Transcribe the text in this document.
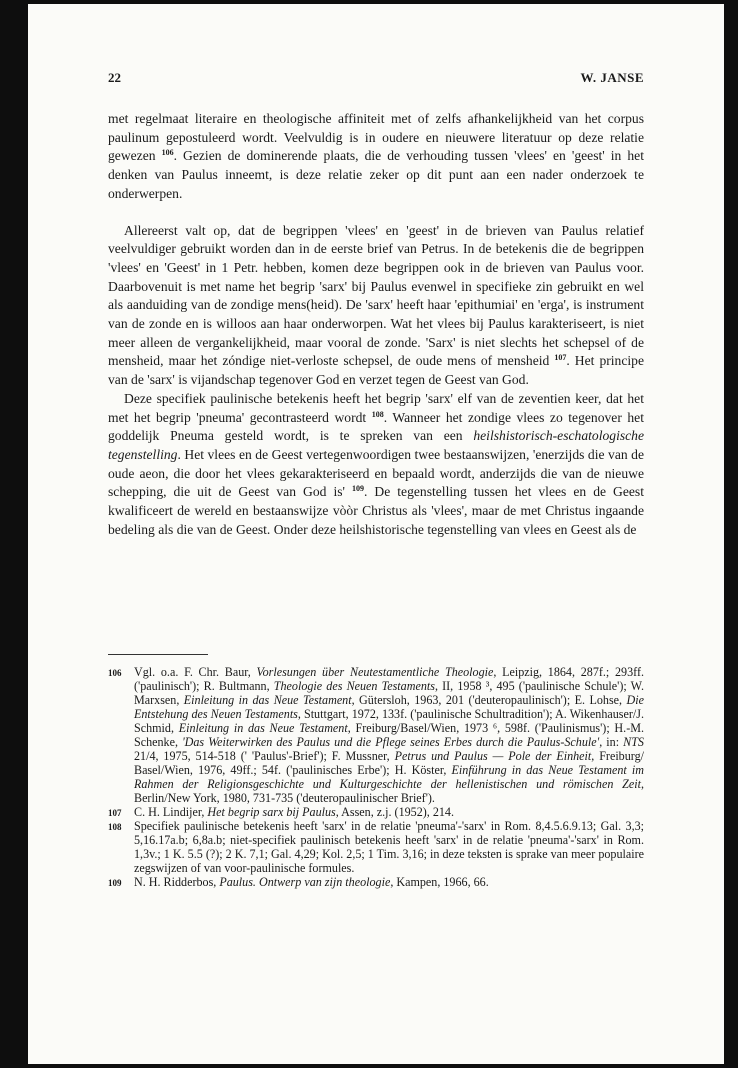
22	W. JANSE

met regelmaat literaire en theologische affiniteit met of zelfs afhankelijkheid van het corpus paulinum gepostuleerd wordt. Veelvuldig is in oudere en nieuwere literatuur op deze relatie gewezen $^{106}$. Gezien de dominerende plaats, die de verhouding tussen 'vlees' en 'geest' in het denken van Paulus inneemt, is deze relatie zeker op dit punt aan een nader onderzoek te onderwerpen.

Allereerst valt op, dat de begrippen 'vlees' en 'geest' in de brieven van Paulus relatief veelvuldiger gebruikt worden dan in de eerste brief van Petrus. In de betekenis die de begrippen 'vlees' en 'Geest' in 1 Petr. hebben, komen deze begrippen ook in de brieven van Paulus voor. Daarbovenuit is met name het begrip 'sarx' bij Paulus evenwel in specifieke zin gebruikt en wel als aanduiding van de zondige mens(heid). De 'sarx' heeft haar 'epithumiai' en 'erga', is instrument van de zonde en is willoos aan haar onderworpen. Wat het vlees bij Paulus karakteriseert, is niet meer alleen de vergankelijkheid, maar vooral de zonde. 'Sarx' is niet slechts het schepsel of de mensheid, maar het zóndige niet-verloste schepsel, de oude mens of mensheid $^{107}$. Het principe van de 'sarx' is vijandschap tegenover God en verzet tegen de Geest van God.

Deze specifiek paulinische betekenis heeft het begrip 'sarx' elf van de zeventien keer, dat het met het begrip 'pneuma' gecontrasteerd wordt $^{108}$. Wanneer het zondige vlees zo tegenover het goddelijk Pneuma gesteld wordt, is te spreken van een heilshistorisch-eschatologische tegenstelling. Het vlees en de Geest vertegenwoordigen twee bestaanswijzen, 'enerzijds die van de oude aeon, die door het vlees gekarakteriseerd en bepaald wordt, anderzijds die van de nieuwe schepping, die uit de Geest van God is' $^{109}$. De tegenstelling tussen het vlees en de Geest kwalificeert de wereld en bestaanswijze vòòr Christus als 'vlees', maar de met Christus ingaande bedeling als die van de Geest. Onder deze heilshistorische tegenstelling van vlees en Geest als de

106	Vgl. o.a. F. Chr. Baur, Vorlesungen über Neutestamentliche Theologie, Leipzig, 1864, 287f.; 293ff. ('paulinisch'); R. Bultmann, Theologie des Neuen Testaments, II, 1958 ³, 495 ('paulinische Schule'); W. Marxsen, Einleitung in das Neue Testament, Gütersloh, 1963, 201 ('deuteropaulinisch'); E. Lohse, Die Entstehung des Neuen Testaments, Stuttgart, 1972, 133f. ('paulinische Schultradition'); A. Wikenhauser/J. Schmid, Einleitung in das Neue Testament, Freiburg/Basel/Wien, 1973 ⁶, 598f. ('Paulinismus'); H.-M. Schenke, 'Das Weiterwirken des Paulus und die Pflege seines Erbes durch die Paulus-Schule', in: NTS 21/4, 1975, 514-518 (' 'Paulus'-Brief'); F. Mussner, Petrus und Paulus — Pole der Einheit, Freiburg/ Basel/Wien, 1976, 49ff.; 54f. ('paulinisches Erbe'); H. Köster, Einführung in das Neue Testament im Rahmen der Religionsgeschichte und Kulturgeschichte der hellenistischen und römischen Zeit, Berlin/New York, 1980, 731-735 ('deuteropaulinischer Brief').
107	C. H. Lindijer, Het begrip sarx bij Paulus, Assen, z.j. (1952), 214.
108	Specifiek paulinische betekenis heeft 'sarx' in de relatie 'pneuma'-'sarx' in Rom. 8,4.5.6.9.13; Gal. 3,3; 5,16.17a.b; 6,8a.b; niet-specifiek paulinisch betekenis heeft 'sarx' in de relatie 'pneuma'-'sarx' in Rom. 1,3v.; 1 K. 5.5 (?); 2 K. 7,1; Gal. 4,29; Kol. 2,5; 1 Tim. 3,16; in deze teksten is sprake van meer populaire zegswijzen of van voor-paulinische formules.
109	N. H. Ridderbos, Paulus. Ontwerp van zijn theologie, Kampen, 1966, 66.
